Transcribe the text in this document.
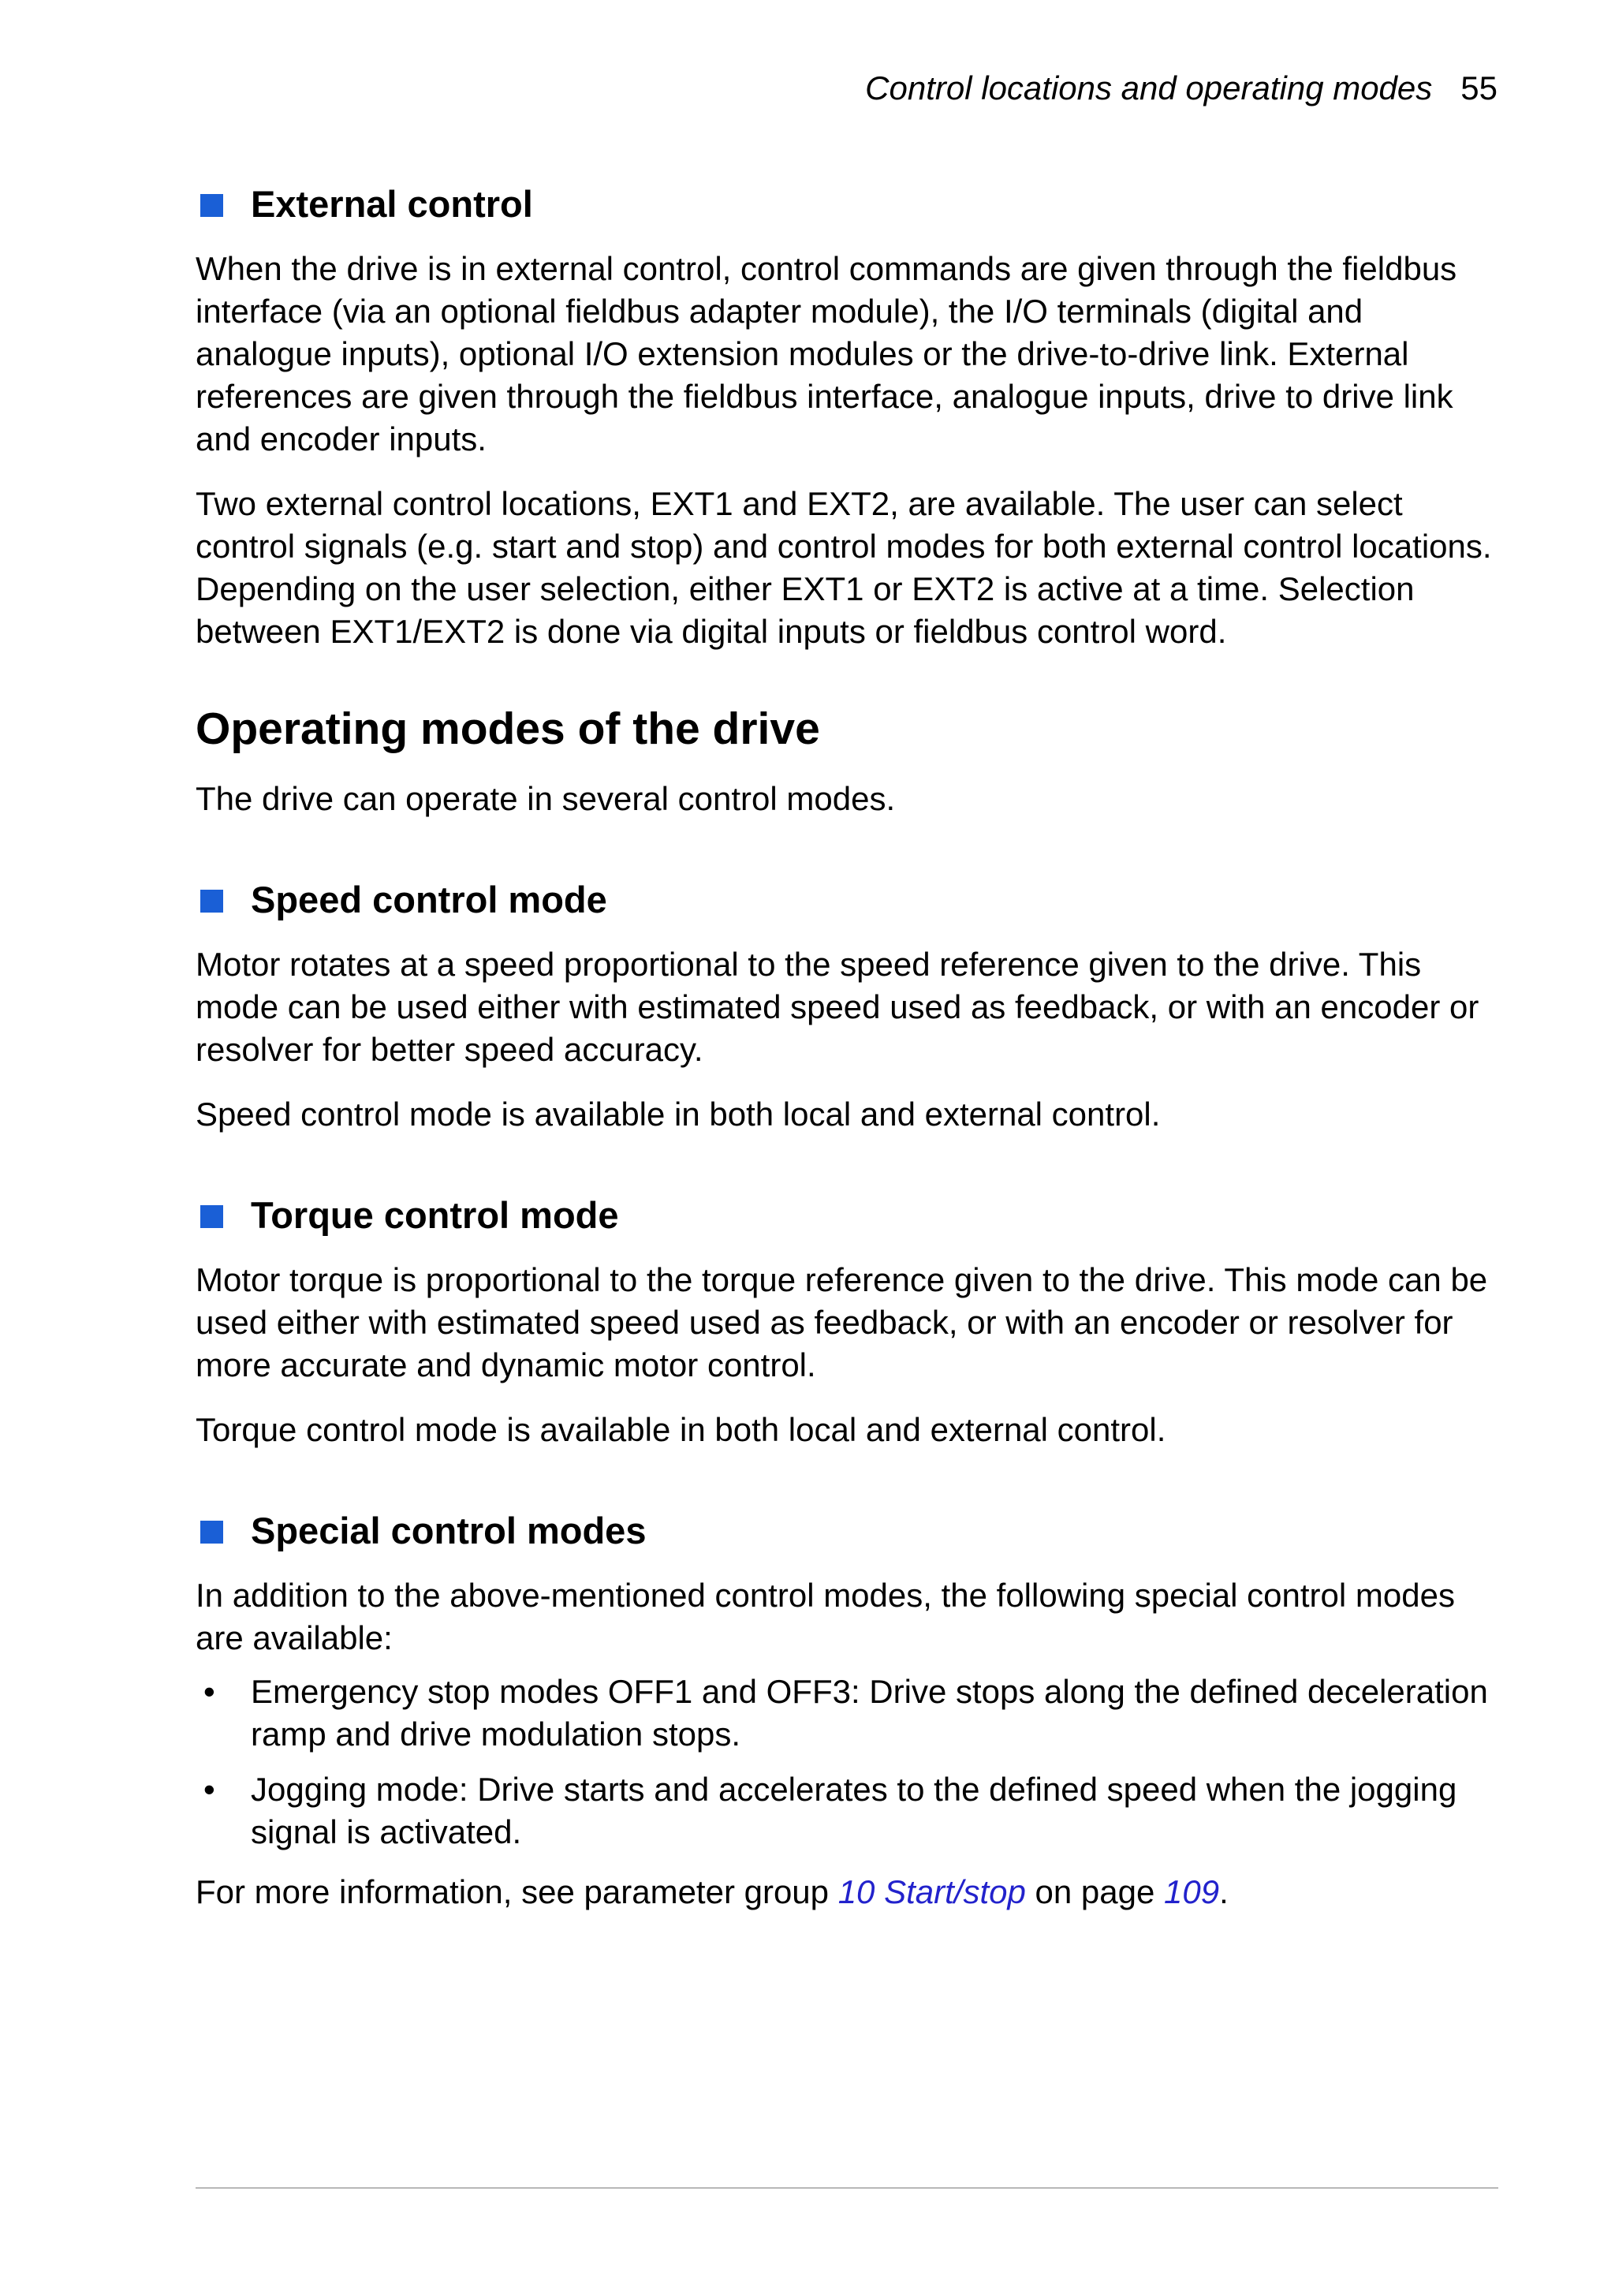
Control locations and operating modes 55
External control

When the drive is in external control, control commands are given through the fieldbus interface (via an optional fieldbus adapter module), the I/O terminals (digital and analogue inputs), optional I/O extension modules or the drive-to-drive link. External references are given through the fieldbus interface, analogue inputs, drive to drive link and encoder inputs.

Two external control locations, EXT1 and EXT2, are available. The user can select control signals (e.g. start and stop) and control modes for both external control locations. Depending on the user selection, either EXT1 or EXT2 is active at a time. Selection between EXT1/EXT2 is done via digital inputs or fieldbus control word.

Operating modes of the drive

The drive can operate in several control modes.

Speed control mode

Motor rotates at a speed proportional to the speed reference given to the drive. This mode can be used either with estimated speed used as feedback, or with an encoder or resolver for better speed accuracy.

Speed control mode is available in both local and external control.

Torque control mode

Motor torque is proportional to the torque reference given to the drive. This mode can be used either with estimated speed used as feedback, or with an encoder or resolver for more accurate and dynamic motor control.

Torque control mode is available in both local and external control.

Special control modes

In addition to the above-mentioned control modes, the following special control modes are available:

• Emergency stop modes OFF1 and OFF3: Drive stops along the defined deceleration ramp and drive modulation stops.
• Jogging mode: Drive starts and accelerates to the defined speed when the jogging signal is activated.

For more information, see parameter group 10 Start/stop on page 109.
